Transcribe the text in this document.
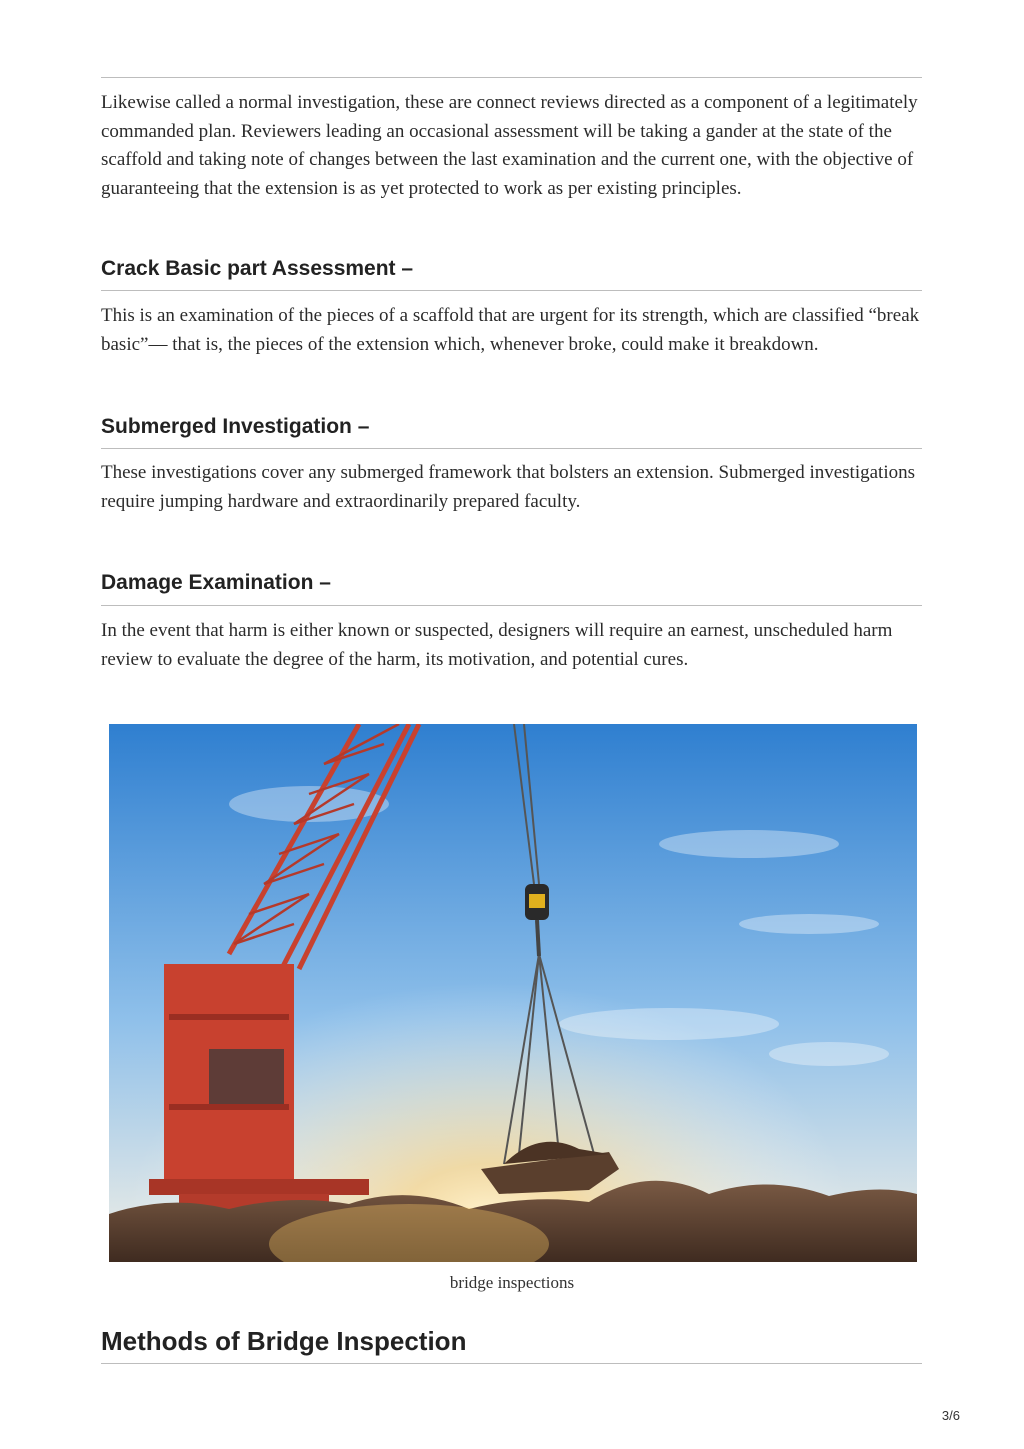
Likewise called a normal investigation, these are connect reviews directed as a component of a legitimately commanded plan. Reviewers leading an occasional assessment will be taking a gander at the state of the scaffold and taking note of changes between the last examination and the current one, with the objective of guaranteeing that the extension is as yet protected to work as per existing principles.

Crack Basic part Assessment –

This is an examination of the pieces of a scaffold that are urgent for its strength, which are classified “break basic”— that is, the pieces of the extension which, whenever broke, could make it breakdown.

Submerged Investigation –

These investigations cover any submerged framework that bolsters an extension. Submerged investigations require jumping hardware and extraordinarily prepared faculty.

Damage Examination –

In the event that harm is either known or suspected, designers will require an earnest, unscheduled harm review to evaluate the degree of the harm, its motivation, and potential cures.

bridge inspections
Methods of Bridge Inspection
3/6
